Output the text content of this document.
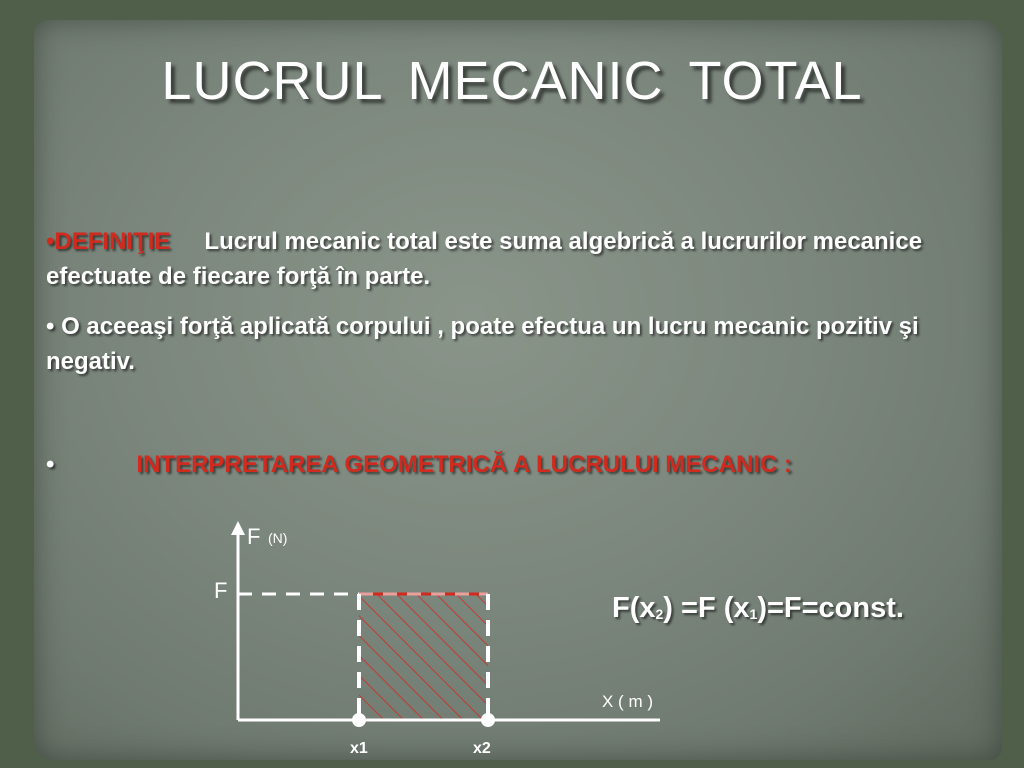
LUCRUL MECANIC TOTAL
•DEFINIŢIE Lucrul mecanic total este suma algebrică a lucrurilor mecanice efectuate de fiecare forţă în parte.
• O aceeaşi forţă aplicată corpului , poate efectua un lucru mecanic pozitiv şi negativ.
•	INTERPRETAREA GEOMETRICĂ A LUCRULUI MECANIC :
F (N)
F
X ( m )
x1	x2
$F(x_2) =F$ $(x_1)=F=const$.
